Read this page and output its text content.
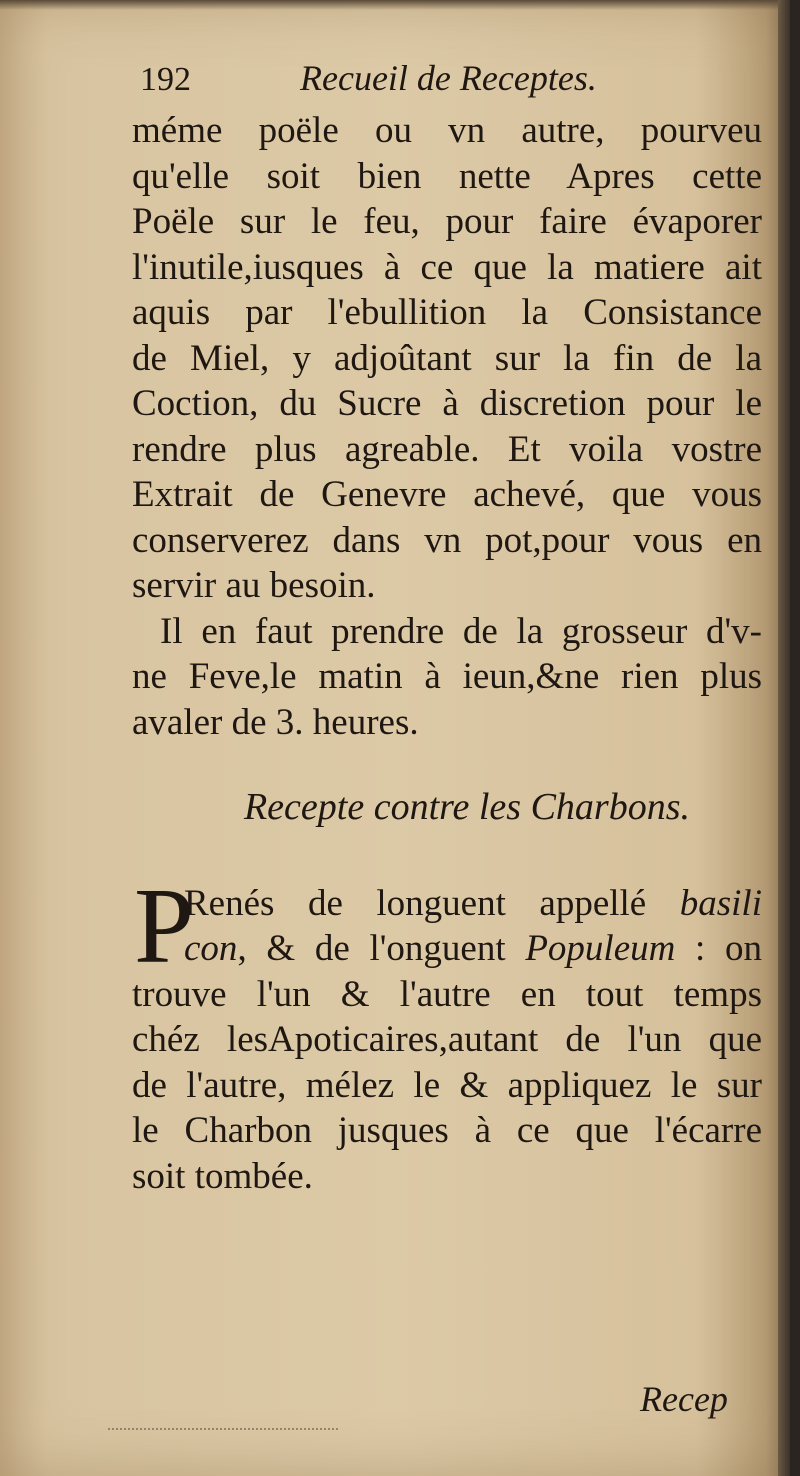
192	Recueil de Receptes.
méme poële ou vn autre, pourveu
qu'elle soit bien nette Apres cette
Poële sur le feu, pour faire évaporer
l'inutile,iusques à ce que la matiere ait
aquis par l'ebullition la Consistance
de Miel, y adjoûtant sur la fin de la
Coction, du Sucre à discretion pour le
rendre plus agreable. Et voila vostre
Extrait de Genevre achevé, que vous
conserverez dans vn pot,pour vous en
servir au besoin.
Il en faut prendre de la grosseur d'v-
ne Feve,le matin à ieun,&ne rien plus
avaler de 3. heures.
Recepte contre les Charbons.
P
Renés de longuent appellé basili
con, & de l'onguent Populeum : on
trouve l'un & l'autre en tout temps
chéz lesApoticaires,autant de l'un que
de l'autre, mélez le & appliquez le sur
le Charbon jusques à ce que l'écarre
soit tombée.
Recep
